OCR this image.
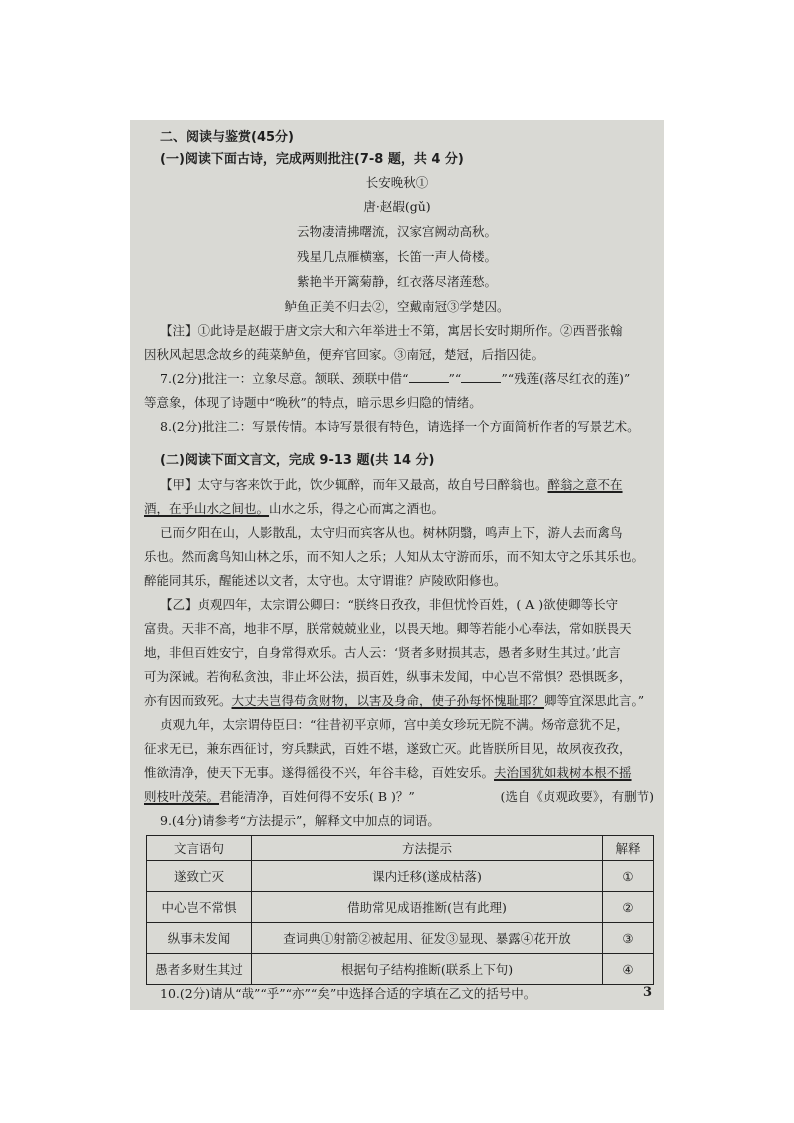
二、阅读与鉴赏(45分)
(一)阅读下面古诗，完成两则批注(7-8 题，共 4 分)
长安晚秋①
唐·赵嘏(gǔ)
云物凄清拂曙流，汉家宫阙动高秋。
残星几点雁横塞，长笛一声人倚楼。
紫艳半开篱菊静，红衣落尽渚莲愁。
鲈鱼正美不归去②，空戴南冠③学楚囚。
【注】①此诗是赵嘏于唐文宗大和六年举进士不第，寓居长安时期所作。②西晋张翰
因秋风起思念故乡的莼菜鲈鱼，便弃官回家。③南冠，楚冠，后指囚徒。
7.(2分)批注一：立象尽意。颔联、颈联中借“	”“	”“残莲(落尽红衣的莲)”
等意象，体现了诗题中“晚秋”的特点，暗示思乡归隐的情绪。
8.(2分)批注二：写景传情。本诗写景很有特色，请选择一个方面简析作者的写景艺术。
(二)阅读下面文言文，完成 9-13 题(共 14 分)
【甲】太守与客来饮于此，饮少辄醉，而年又最高，故自号曰醉翁也。醉翁之意不在
酒，在乎山水之间也。山水之乐，得之心而寓之酒也。
已而夕阳在山，人影散乱，太守归而宾客从也。树林阴翳，鸣声上下，游人去而禽鸟
乐也。然而禽鸟知山林之乐，而不知人之乐；人知从太守游而乐，而不知太守之乐其乐也。
醉能同其乐，醒能述以文者，太守也。太守谓谁？庐陵欧阳修也。
【乙】贞观四年，太宗谓公卿曰：“朕终日孜孜，非但忧怜百姓，( A )欲使卿等长守
富贵。天非不高，地非不厚，朕常兢兢业业，以畏天地。卿等若能小心奉法，常如朕畏天
地，非但百姓安宁，自身常得欢乐。古人云：‘贤者多财损其志，愚者多财生其过。’此言
可为深诫。若徇私贪浊，非止坏公法，损百姓，纵事未发闻，中心岂不常惧？恐惧既多，
亦有因而致死。大丈夫岂得苟贪财物，以害及身命，使子孙每怀愧耻耶？卿等宜深思此言。”
贞观九年，太宗谓侍臣曰：“往昔初平京师，宫中美女珍玩无院不满。炀帝意犹不足，
征求无已，兼东西征讨，穷兵黩武，百姓不堪，遂致亡灭。此皆朕所目见，故夙夜孜孜，
惟欲清净，使天下无事。遂得徭役不兴，年谷丰稔，百姓安乐。夫治国犹如栽树本根不摇
则枝叶茂荣。君能清净，百姓何得不安乐( B )？”	(选自《贞观政要》，有删节)
9.(4分)请参考“方法提示”，解释文中加点的词语。
文言语句	方法提示	解释
遂致亡灭	课内迁移(遂成枯落)	①
中心岂不常惧	借助常见成语推断(岂有此理)	②
纵事未发闻	查词典①射箭②被起用、征发③显现、暴露④花开放	③
愚者多财生其过	根据句子结构推断(联系上下句)	④
10.(2分)请从“哉”“乎”“亦”“矣”中选择合适的字填在乙文的括号中。	3
